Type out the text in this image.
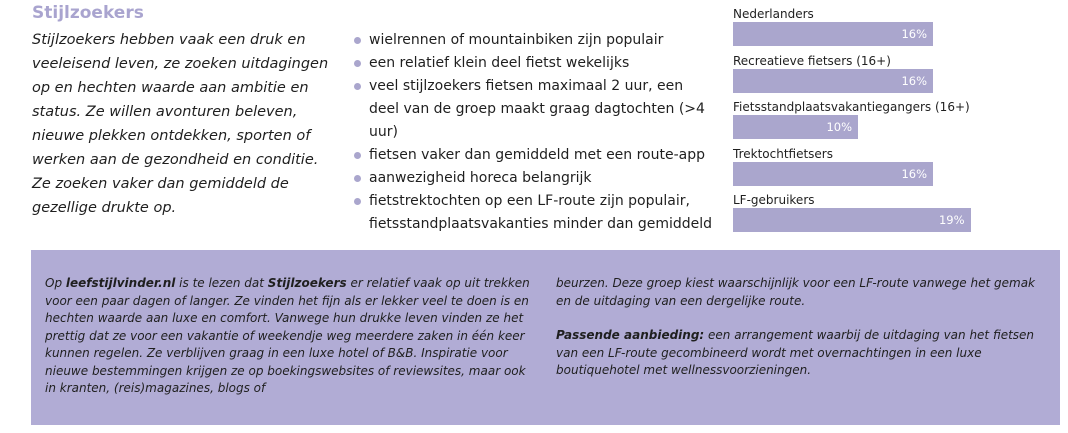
Stijlzoekers

Stijlzoekers hebben vaak een druk en veeleisend leven, ze zoeken uitdagingen op en hechten waarde aan ambitie en status. Ze willen avonturen beleven, nieuwe plekken ontdekken, sporten of werken aan de gezondheid en conditie. Ze zoeken vaker dan gemiddeld de gezellige drukte op.

wielrennen of mountainbiken zijn populair
een relatief klein deel fietst wekelijks
veel stijlzoekers fietsen maximaal 2 uur, een deel van de groep maakt graag dagtochten (>4 uur)
fietsen vaker dan gemiddeld met een route-app
aanwezigheid horeca belangrijk
fietstrektochten op een LF-route zijn populair, fietsstandplaatsvakanties minder dan gemiddeld
Nederlanders
16%
Recreatieve fietsers (16+)
16%
Fietsstandplaatsvakantiegangers (16+)
10%
Trektochtfietsers
16%
LF-gebruikers
19%

Op leefstijlvinder.nl is te lezen dat Stijlzoekers er relatief vaak op uit trekken voor een paar dagen of langer. Ze vinden het fijn als er lekker veel te doen is en hechten waarde aan luxe en comfort. Vanwege hun drukke leven vinden ze het prettig dat ze voor een vakantie of weekendje weg meerdere zaken in één keer kunnen regelen. Ze verblijven graag in een luxe hotel of B&B. Inspiratie voor nieuwe bestemmingen krijgen ze op boekingswebsites of reviewsites, maar ook in kranten, (reis)magazines, blogs of

beurzen. Deze groep kiest waarschijnlijk voor een LF-route vanwege het gemak en de uitdaging van een dergelijke route.

Passende aanbieding: een arrangement waarbij de uitdaging van het fietsen van een LF-route gecombineerd wordt met overnachtingen in een luxe boutiquehotel met wellnessvoorzieningen.
